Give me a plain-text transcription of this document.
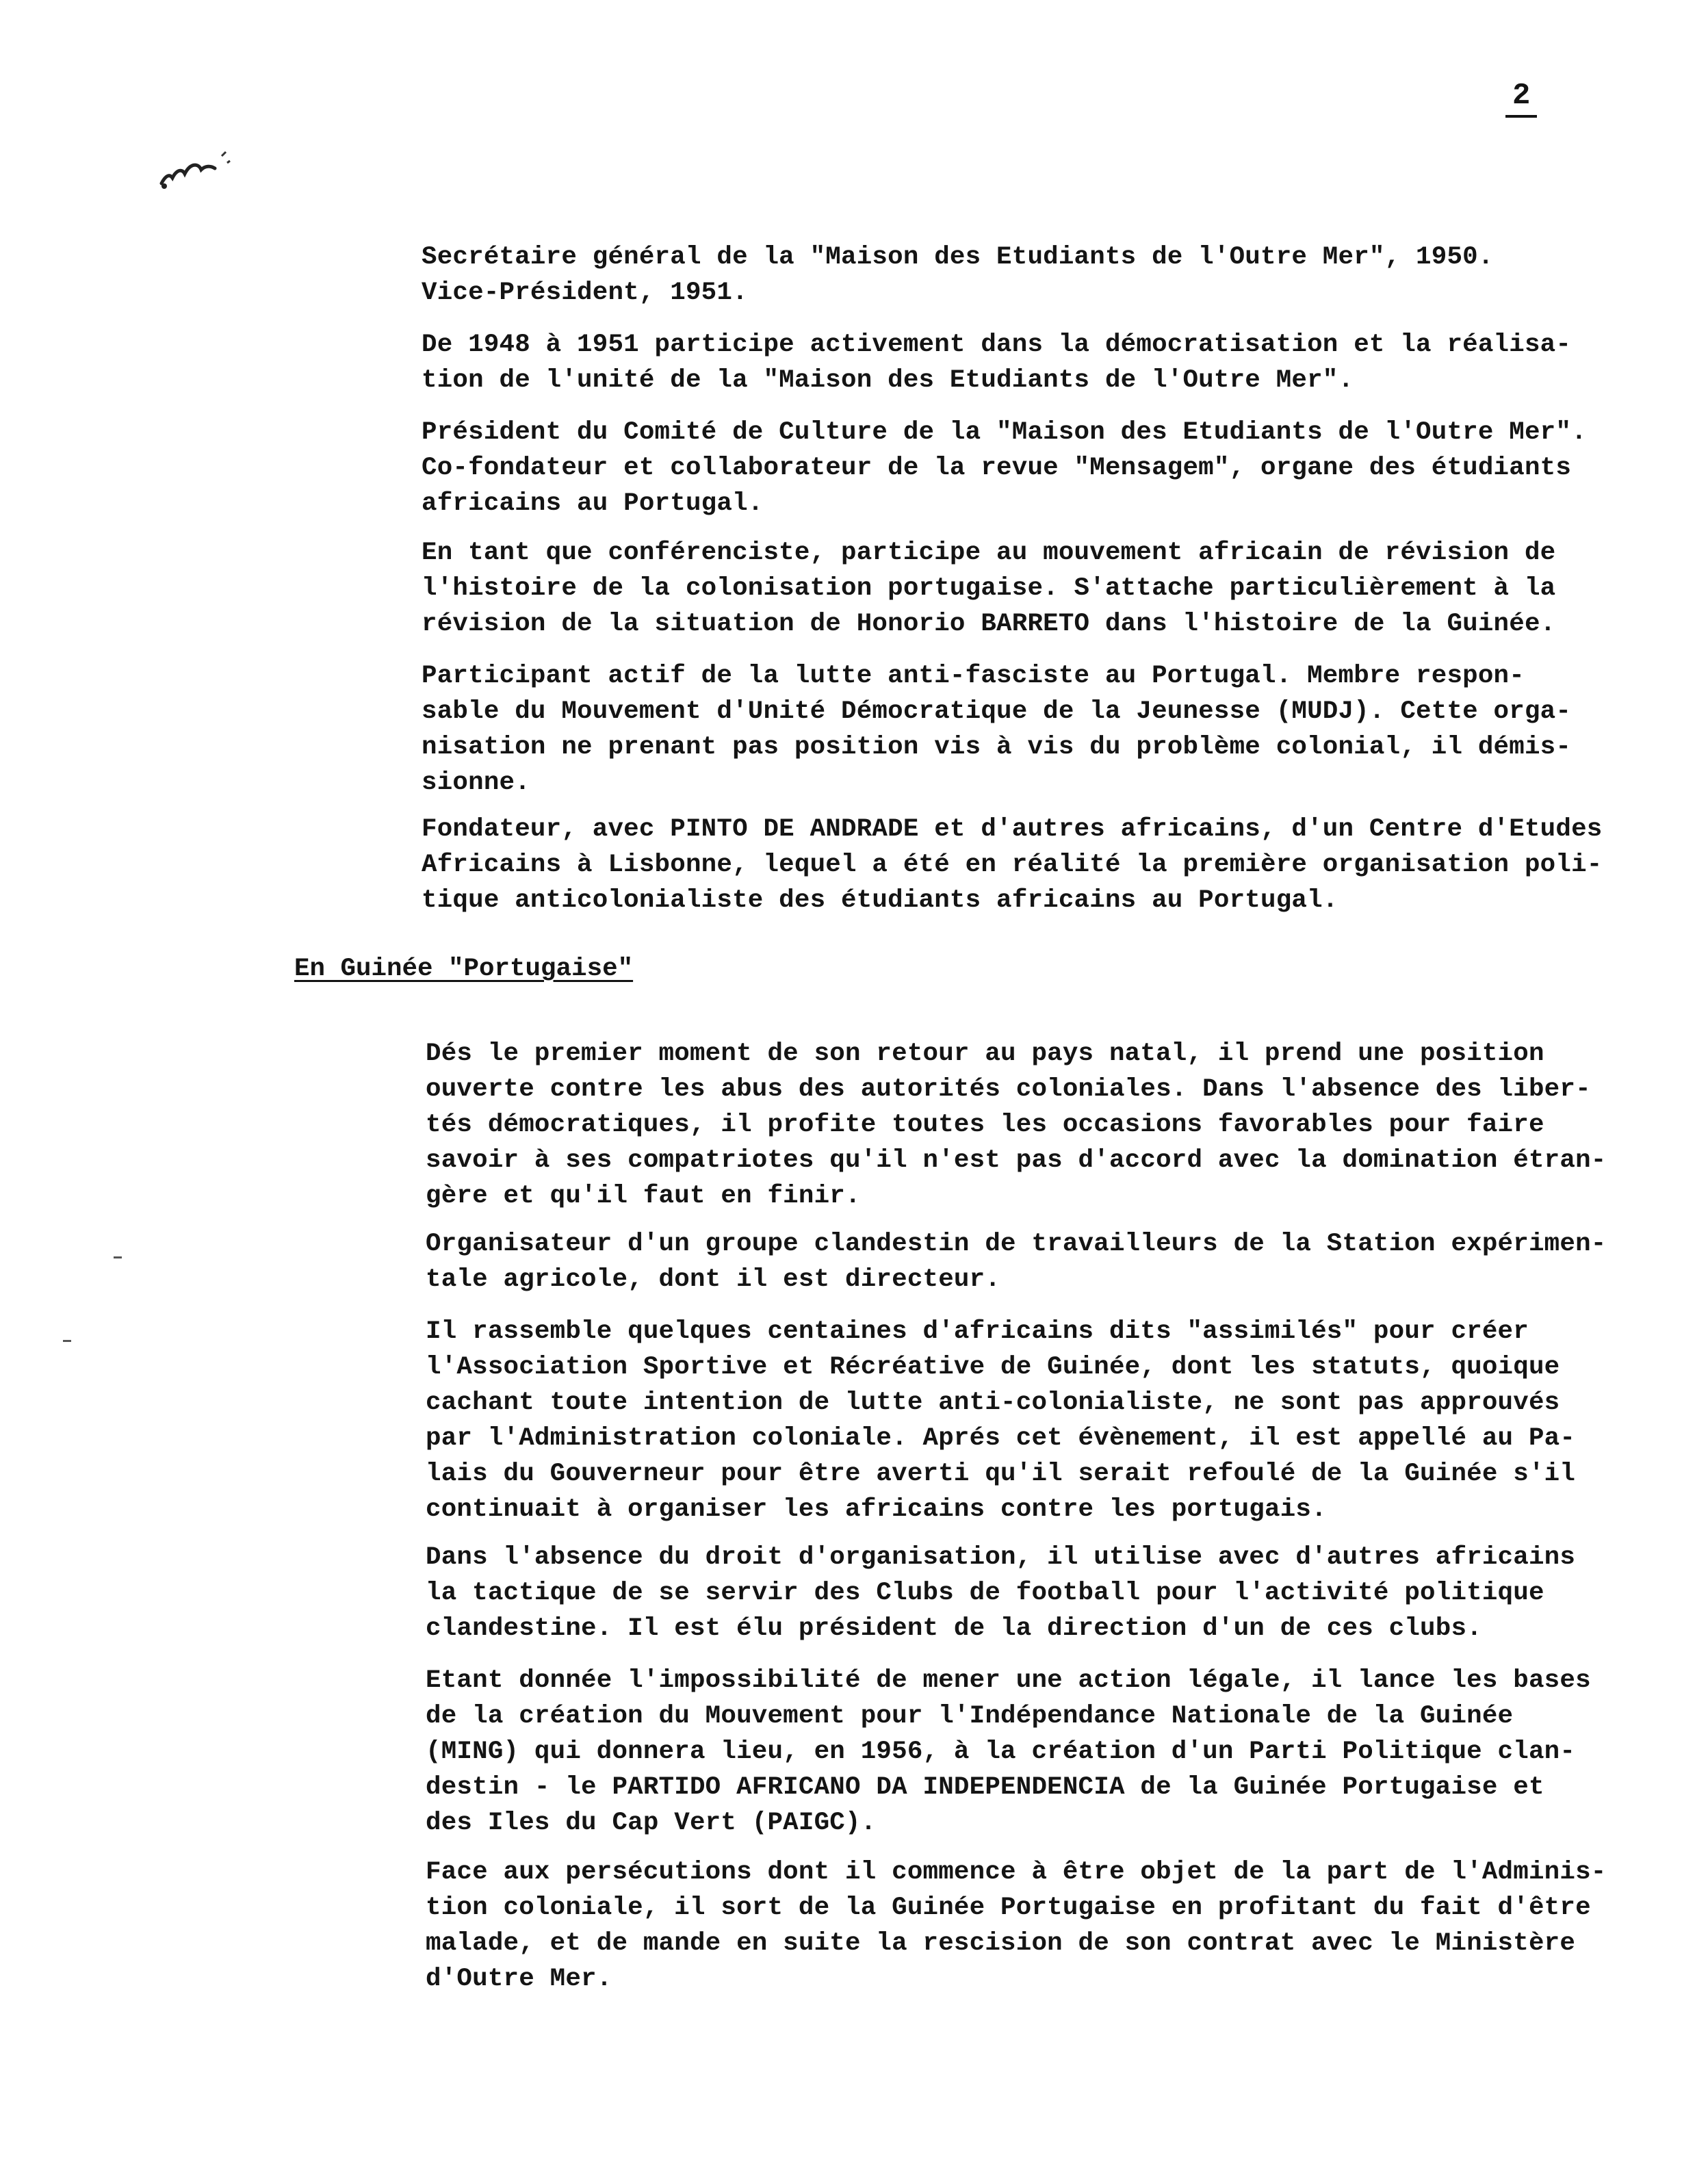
2

Secrétaire général de la "Maison des Etudiants de l'Outre Mer", 1950.
Vice-Président, 1951.

De 1948 à 1951 participe activement dans la démocratisation et la réalisa-
tion de l'unité de la "Maison des Etudiants de l'Outre Mer".

Président du Comité de Culture de la "Maison des Etudiants de l'Outre Mer".
Co-fondateur et collaborateur de la revue "Mensagem", organe des étudiants
africains au Portugal.

En tant que conférenciste, participe au mouvement africain de révision de
l'histoire de la colonisation portugaise. S'attache particulièrement à la
révision de la situation de Honorio BARRETO dans l'histoire de la Guinée.

Participant actif de la lutte anti-fasciste au Portugal. Membre respon-
sable du Mouvement d'Unité Démocratique de la Jeunesse (MUDJ). Cette orga-
nisation ne prenant pas position vis à vis du problème colonial, il démis-
sionne.

Fondateur, avec PINTO DE ANDRADE et d'autres africains, d'un Centre d'Etudes
Africains à Lisbonne, lequel a été en réalité la première organisation poli-
tique anticolonialiste des étudiants africains au Portugal.

En Guinée "Portugaise"

Dés le premier moment de son retour au pays natal, il prend une position
ouverte contre les abus des autorités coloniales. Dans l'absence des liber-
tés démocratiques, il profite toutes les occasions favorables pour faire
savoir à ses compatriotes qu'il n'est pas d'accord avec la domination étran-
gère et qu'il faut en finir.

Organisateur d'un groupe clandestin de travailleurs de la Station expérimen-
tale agricole, dont il est directeur.

Il rassemble quelques centaines d'africains dits "assimilés" pour créer
l'Association Sportive et Récréative de Guinée, dont les statuts, quoique
cachant toute intention de lutte anti-colonialiste, ne sont pas approuvés
par l'Administration coloniale. Aprés cet évènement, il est appellé au Pa-
lais du Gouverneur pour être averti qu'il serait refoulé de la Guinée s'il
continuait à organiser les africains contre les portugais.

Dans l'absence du droit d'organisation, il utilise avec d'autres africains
la tactique de se servir des Clubs de football pour l'activité politique
clandestine. Il est élu président de la direction d'un de ces clubs.

Etant donnée l'impossibilité de mener une action légale, il lance les bases
de la création du Mouvement pour l'Indépendance Nationale de la Guinée
(MING) qui donnera lieu, en 1956, à la création d'un Parti Politique clan-
destin - le PARTIDO AFRICANO DA INDEPENDENCIA de la Guinée Portugaise et
des Iles du Cap Vert (PAIGC).

Face aux persécutions dont il commence à être objet de la part de l'Adminis-
tion coloniale, il sort de la Guinée Portugaise en profitant du fait d'être
malade, et de mande en suite la rescision de son contrat avec le Ministère
d'Outre Mer.
